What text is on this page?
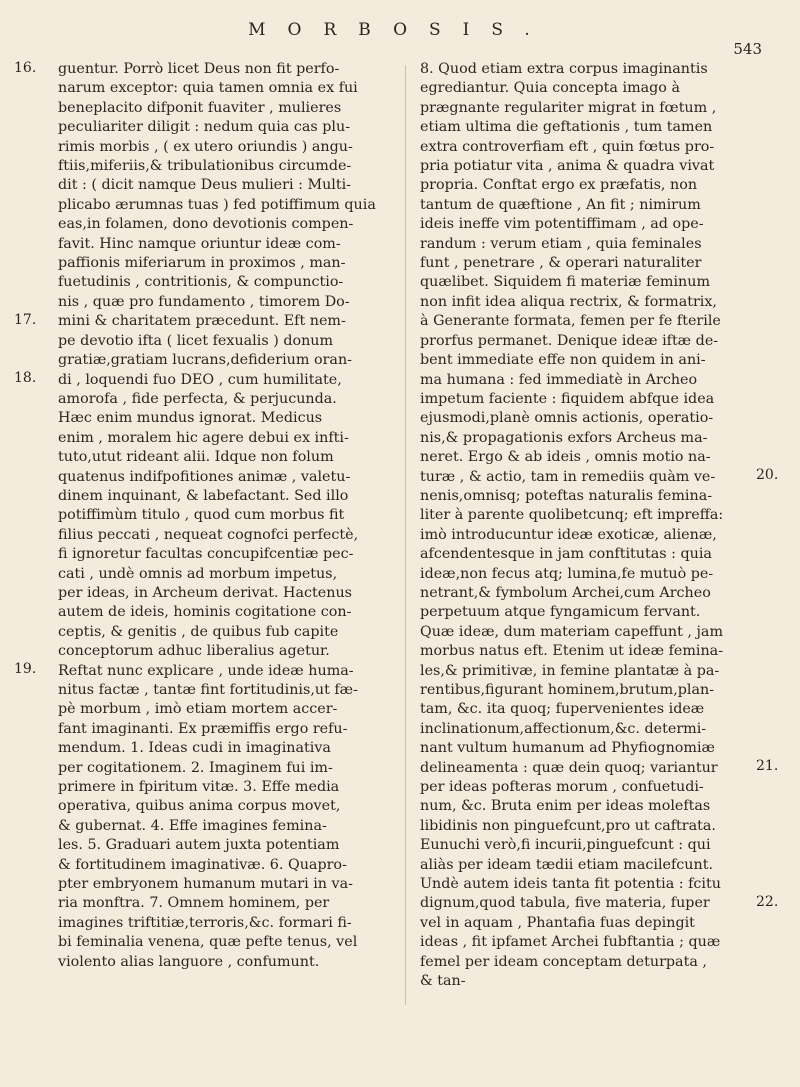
MORBOSIS.
543
16.
17.
18.
19.
20.
21.
22.
guentur. Porrò licet Deus non fit perfo-
narum exceptor: quia tamen omnia ex fui
beneplacito difponit fuaviter , mulieres
peculiariter diligit : nedum quia cas plu-
rimis morbis , ( ex utero oriundis ) angu-
ftiis,miferiis,& tribulationibus circumde-
dit : ( dicit namque Deus mulieri : Multi-
plicabo ærumnas tuas ) fed potiffimum quia
eas,in folamen, dono devotionis compen-
favit. Hinc namque oriuntur ideæ com-
paffionis miferiarum in proximos , man-
fuetudinis , contritionis, & compunctio-
nis , quæ pro fundamento , timorem Do-
mini & charitatem præcedunt. Eft nem-
pe devotio ifta ( licet fexualis ) donum
gratiæ,gratiam lucrans,defiderium oran-
di , loquendi fuo DEO , cum humilitate,
amorofa , fide perfecta, & perjucunda.
Hæc enim mundus ignorat. Medicus
enim , moralem hic agere debui ex infti-
tuto,utut rideant alii. Idque non folum
quatenus indifpofitiones animæ , valetu-
dinem inquinant, & labefactant. Sed illo
potiffimùm titulo , quod cum morbus fit
filius peccati , nequeat cognofci perfectè,
fi ignoretur facultas concupifcentiæ pec-
cati , undè omnis ad morbum impetus,
per ideas, in Archeum derivat. Hactenus
autem de ideis, hominis cogitatione con-
ceptis, & genitis , de quibus fub capite
conceptorum adhuc liberalius agetur.
Reftat nunc explicare , unde ideæ huma-
nitus factæ , tantæ fint fortitudinis,ut fæ-
pè morbum , imò etiam mortem accer-
fant imaginanti. Ex præmiffis ergo refu-
mendum. 1. Ideas cudi in imaginativa
per cogitationem. 2. Imaginem fui im-
primere in fpiritum vitæ. 3. Effe media
operativa, quibus anima corpus movet,
& gubernat. 4. Effe imagines femina-
les. 5. Graduari autem juxta potentiam
& fortitudinem imaginativæ. 6. Quapro-
pter embryonem humanum mutari in va-
ria monftra. 7. Omnem hominem, per
imagines triftitiæ,terroris,&c. formari fi-
bi feminalia venena, quæ pefte tenus, vel
violento alias languore , confumunt.
8. Quod etiam extra corpus imaginantis
egrediantur. Quia concepta imago à
prægnante regulariter migrat in fœtum ,
etiam ultima die geftationis , tum tamen
extra controverfiam eft , quin fœtus pro-
pria potiatur vita , anima & quadra vivat
propria. Conftat ergo ex præfatis, non
tantum de quæftione , An fit ; nimirum
ideis ineffe vim potentiffimam , ad ope-
randum : verum etiam , quia feminales
funt , penetrare , & operari naturaliter
quælibet. Siquidem fi materiæ feminum
non infit idea aliqua rectrix, & formatrix,
à Generante formata, femen per fe fterile
prorfus permanet. Denique ideæ iftæ de-
bent immediate effe non quidem in ani-
ma humana : fed immediatè in Archeo
impetum faciente : fiquidem abfque idea
ejusmodi,planè omnis actionis, operatio-
nis,& propagationis exfors Archeus ma-
neret. Ergo & ab ideis , omnis motio na-
turæ , & actio, tam in remediis quàm ve-
nenis,omnisq; poteftas naturalis femina-
liter à parente quolibetcunq; eft impreffa:
imò introducuntur ideæ exoticæ, alienæ,
afcendentesque in jam conftitutas : quia
ideæ,non fecus atq; lumina,fe mutuò pe-
netrant,& fymbolum Archei,cum Archeo
perpetuum atque fyngamicum fervant.
Quæ ideæ, dum materiam capeffunt , jam
morbus natus eft. Etenim ut ideæ femina-
les,& primitivæ, in femine plantatæ à pa-
rentibus,figurant hominem,brutum,plan-
tam, &c. ita quoq; fupervenientes ideæ
inclinationum,affectionum,&c. determi-
nant vultum humanum ad Phyfiognomiæ
delineamenta : quæ dein quoq; variantur
per ideas pofteras morum , confuetudi-
num, &c. Bruta enim per ideas moleftas
libidinis non pinguefcunt,pro ut caftrata.
Eunuchi verò,fi incurii,pinguefcunt : qui
aliàs per ideam tædii etiam macilefcunt.
Undè autem ideis tanta fit potentia : fcitu
dignum,quod tabula, five materia, fuper
vel in aquam , Phantafia fuas depingit
ideas , fit ipfamet Archei fubftantia ; quæ
femel per ideam conceptam deturpata ,
& tan-
